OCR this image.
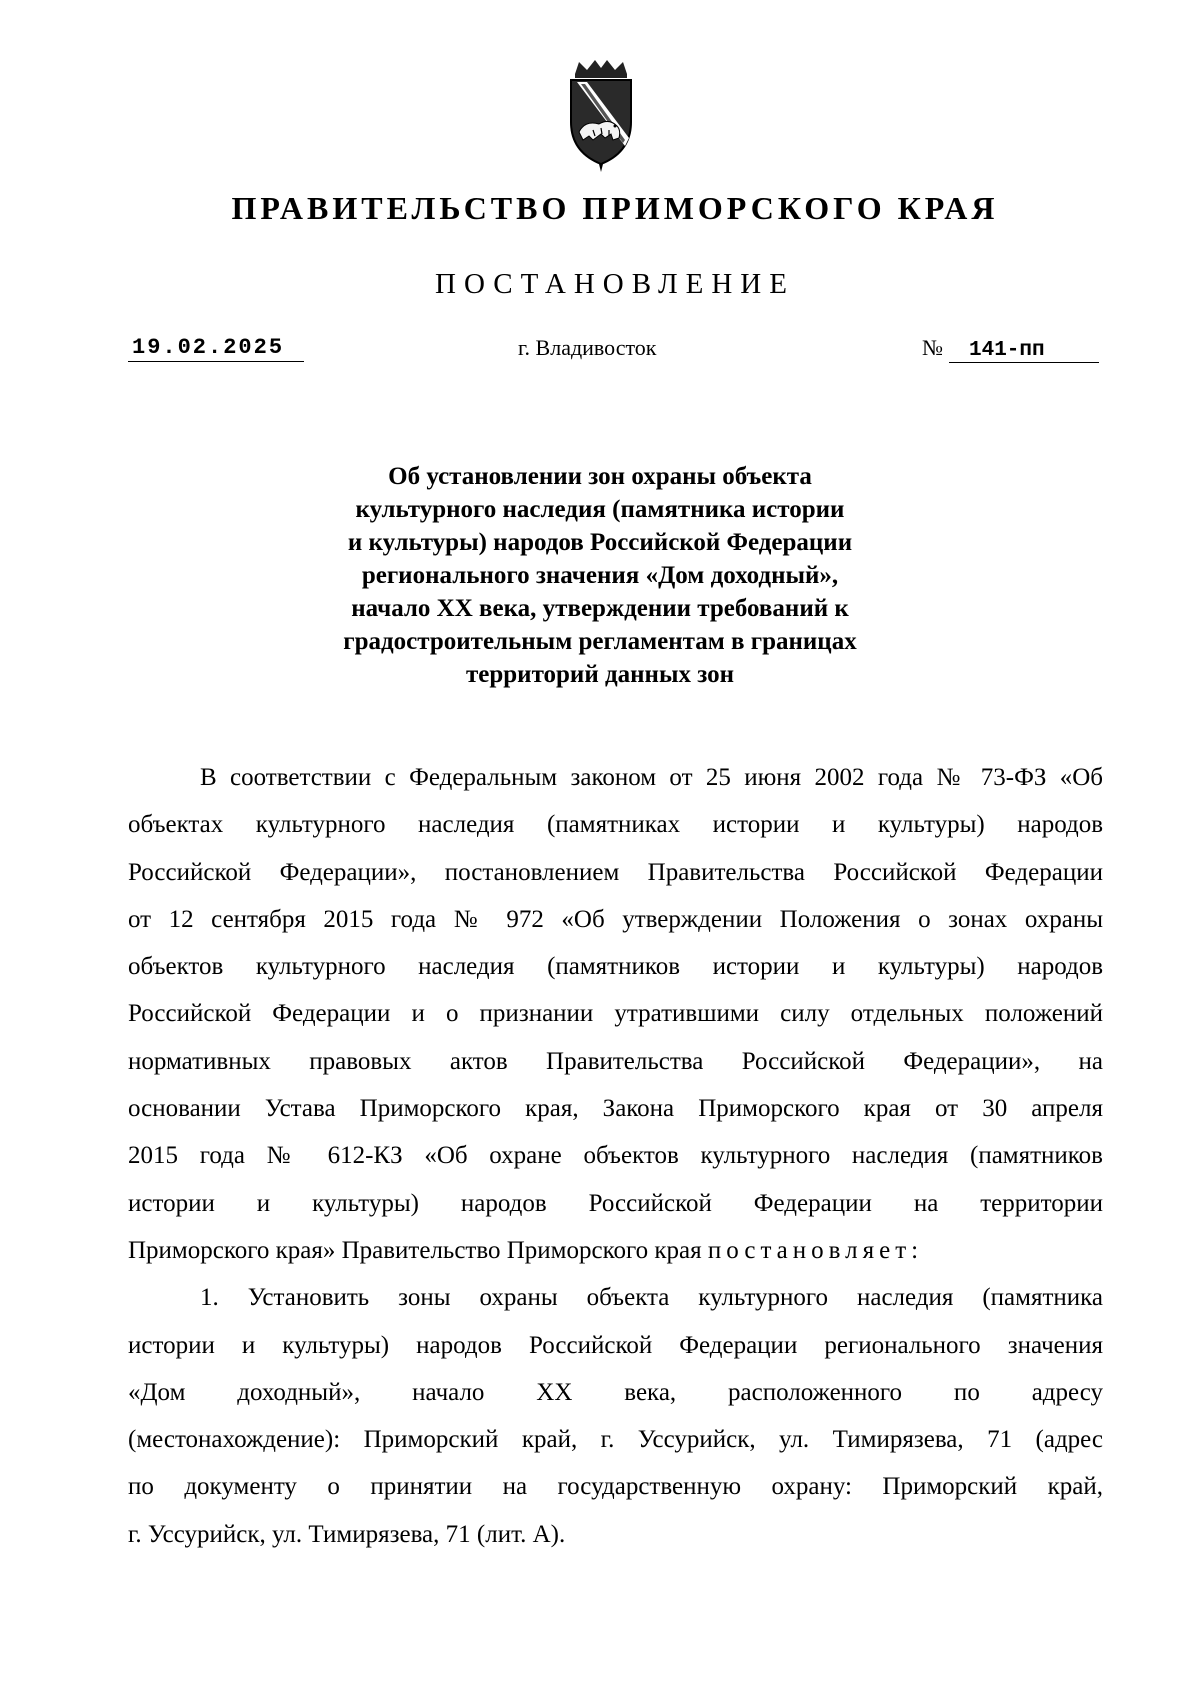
ПРАВИТЕЛЬСТВО ПРИМОРСКОГО КРАЯ
ПОСТАНОВЛЕНИЕ
19.02.2025	г. Владивосток	№ 141-пп
Об установлении зон охраны объекта
культурного наследия (памятника истории
и культуры) народов Российской Федерации
регионального значения «Дом доходный»,
начало XX века, утверждении требований к
градостроительным регламентам в границах
территорий данных зон
В соответствии с Федеральным законом от 25 июня 2002 года № 73-ФЗ «Об
объектах культурного наследия (памятниках истории и культуры) народов
Российской Федерации», постановлением Правительства Российской Федерации
от 12 сентября 2015 года № 972 «Об утверждении Положения о зонах охраны
объектов культурного наследия (памятников истории и культуры) народов
Российской Федерации и о признании утратившими силу отдельных положений
нормативных правовых актов Правительства Российской Федерации», на
основании Устава Приморского края, Закона Приморского края от 30 апреля
2015 года № 612-КЗ «Об охране объектов культурного наследия (памятников
истории и культуры) народов Российской Федерации на территории
Приморского края» Правительство Приморского края постановляет:
1. Установить зоны охраны объекта культурного наследия (памятника
истории и культуры) народов Российской Федерации регионального значения
«Дом доходный», начало XX века, расположенного по адресу
(местонахождение): Приморский край, г. Уссурийск, ул. Тимирязева, 71 (адрес
по документу о принятии на государственную охрану: Приморский край,
г. Уссурийск, ул. Тимирязева, 71 (лит. А).
